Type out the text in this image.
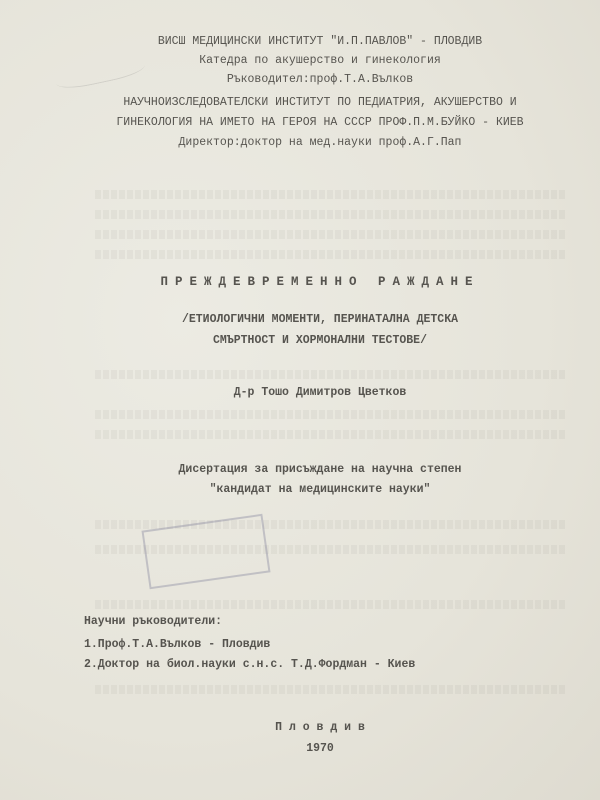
ВИСШ МЕДИЦИНСКИ ИНСТИТУТ "И.П.ПАВЛОВ" - ПЛОВДИВ
Катедра по акушерство и гинекология
Ръководител:проф.Т.А.Вълков
НАУЧНОИЗСЛЕДОВАТЕЛСКИ ИНСТИТУТ ПО ПЕДИАТРИЯ, АКУШЕРСТВО И
ГИНЕКОЛОГИЯ НА ИМЕТО НА ГЕРОЯ НА СССР ПРОФ.П.М.БУЙКО - КИЕВ
Директор:доктор на мед.науки проф.А.Г.Пап
ПРЕЖДЕВРЕМЕННО РАЖДАНЕ
/ЕТИОЛОГИЧНИ МОМЕНТИ, ПЕРИНАТАЛНА ДЕТСКА
СМЪРТНОСТ И ХОРМОНАЛНИ ТЕСТОВЕ/
Д-р Тошо Димитров Цветков
Дисертация за присъждане на научна степен
"кандидат на медицинските науки"
Научни ръководители:
1.Проф.Т.А.Вълков - Пловдив
2.Доктор на биол.науки с.н.с. Т.Д.Фордман - Киев
П л о в д и в
1970
